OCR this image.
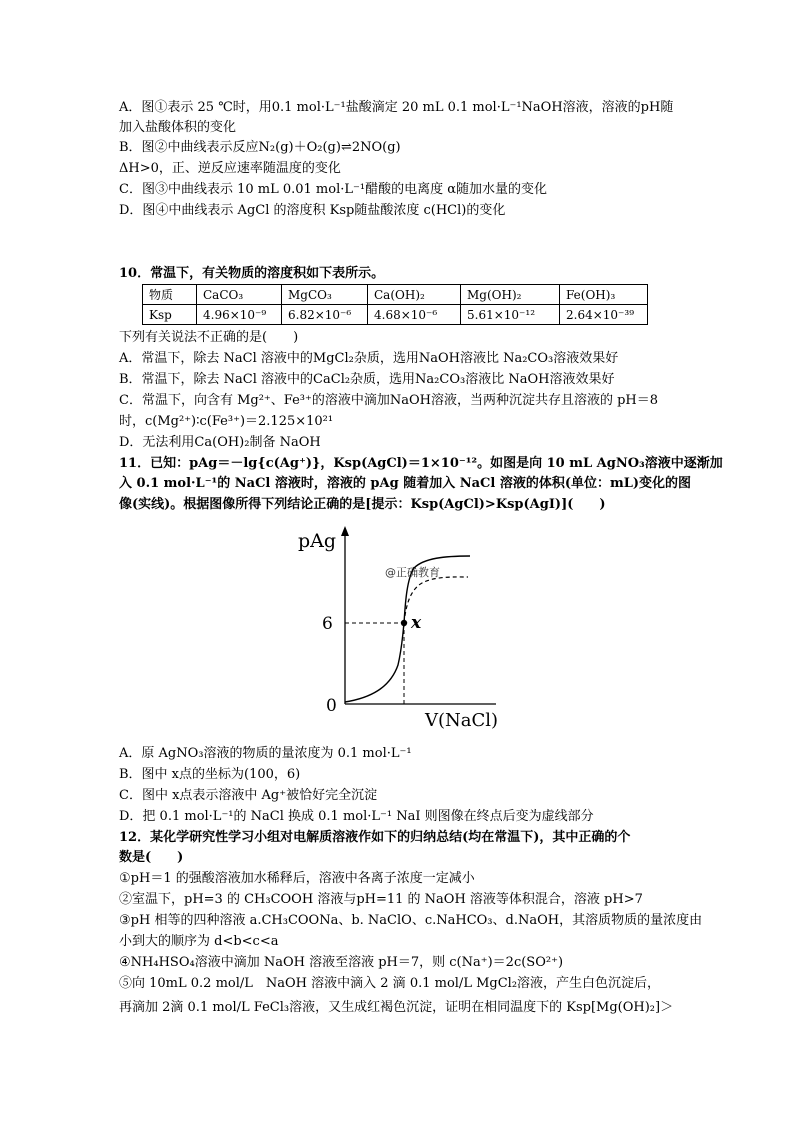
A．图①表示 25 ℃时，用0.1 mol·L⁻¹盐酸滴定 20 mL 0.1 mol·L⁻¹NaOH溶液，溶液的pH随
加入盐酸体积的变化
B．图②中曲线表示反应N₂(g)＋O₂(g)⇌2NO(g)
ΔH>0，正、逆反应速率随温度的变化
C．图③中曲线表示 10 mL 0.01 mol·L⁻¹醋酸的电离度 α随加水量的变化
D．图④中曲线表示 AgCl 的溶度积 Ksp随盐酸浓度 c(HCl)的变化
10．常温下，有关物质的溶度积如下表所示。
物质	CaCO₃	MgCO₃	Ca(OH)₂	Mg(OH)₂	Fe(OH)₃
Ksp	4.96×10⁻⁹	6.82×10⁻⁶	4.68×10⁻⁶	5.61×10⁻¹²	2.64×10⁻³⁹
下列有关说法不正确的是(　　)
A．常温下，除去 NaCl 溶液中的MgCl₂杂质，选用NaOH溶液比 Na₂CO₃溶液效果好
B．常温下，除去 NaCl 溶液中的CaCl₂杂质，选用Na₂CO₃溶液比 NaOH溶液效果好
C．常温下，向含有 Mg²⁺、Fe³⁺的溶液中滴加NaOH溶液，当两种沉淀共存且溶液的 pH＝8
时，c(Mg²⁺)∶c(Fe³⁺)＝2.125×10²¹
D．无法利用Ca(OH)₂制备 NaOH
11．已知：pAg＝－lg{c(Ag⁺)}，Ksp(AgCl)＝1×10⁻¹²。如图是向 10 mL AgNO₃溶液中逐渐加
入 0.1 mol·L⁻¹的 NaCl 溶液时，溶液的 pAg 随着加入 NaCl 溶液的体积(单位：mL)变化的图
像(实线)。根据图像所得下列结论正确的是[提示：Ksp(AgCl)>Ksp(AgI)](　　)
pAg
6
0
V(NaCl)
@正确教育
x
A．原 AgNO₃溶液的物质的量浓度为 0.1 mol·L⁻¹
B．图中 x点的坐标为(100，6)
C．图中 x点表示溶液中 Ag⁺被恰好完全沉淀
D．把 0.1 mol·L⁻¹的 NaCl 换成 0.1 mol·L⁻¹ NaI 则图像在终点后变为虚线部分
12．某化学研究性学习小组对电解质溶液作如下的归纳总结(均在常温下)，其中正确的个
数是(　　)
①pH＝1 的强酸溶液加水稀释后，溶液中各离子浓度一定减小
②室温下，pH=3 的 CH₃COOH 溶液与pH=11 的 NaOH 溶液等体积混合，溶液 pH>7
③pH 相等的四种溶液 a.CH₃COONa、b. NaClO、c.NaHCO₃、d.NaOH，其溶质物质的量浓度由
小到大的顺序为 d<b<c<a
④NH₄HSO₄溶液中滴加 NaOH 溶液至溶液 pH＝7，则 c(Na⁺)＝2c(SO²⁺)
⑤向 10mL 0.2 mol/L　NaOH 溶液中滴入 2 滴 0.1 mol/L MgCl₂溶液，产生白色沉淀后，
再滴加 2滴 0.1 mol/L FeCl₃溶液，又生成红褐色沉淀，证明在相同温度下的 Ksp[Mg(OH)₂]＞
